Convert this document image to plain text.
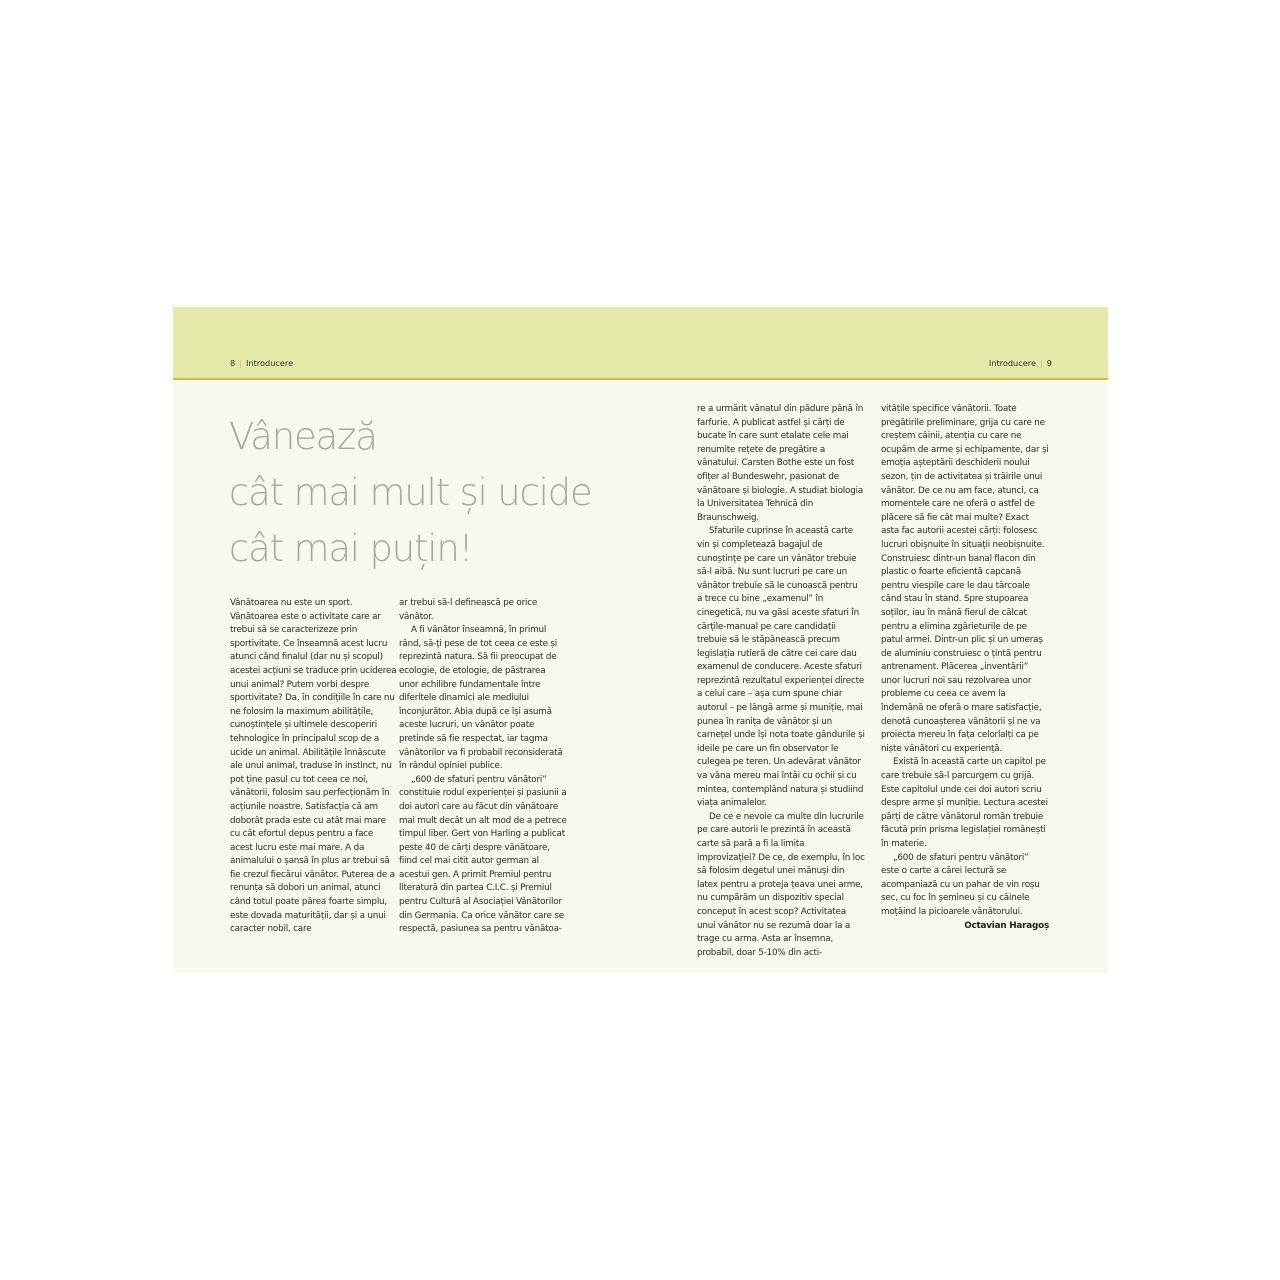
8 | Introducere	Introducere | 9
Vânează
cât mai mult și ucide
cât mai puțin!

Vânătoarea nu este un sport. Vânătoarea este o activitate care ar trebui să se caracterizeze prin sportivitate. Ce înseamnă acest lucru atunci când finalul (dar nu și scopul) acestei acțiuni se traduce prin uciderea unui animal? Putem vorbi despre sportivitate? Da, în condițiile în care nu ne folosim la maximum abilitățile, cunoștințele și ultimele descoperiri tehnologice în principalul scop de a ucide un animal. Abilitățile înnăscute ale unui animal, traduse în instinct, nu pot ține pasul cu tot ceea ce noi, vânătorii, folosim sau perfecționăm în acțiunile noastre. Satisfacția că am doborât prada este cu atât mai mare cu cât efortul depus pentru a face acest lucru este mai mare. A da animalului o șansă în plus ar trebui să fie crezul fiecărui vânător. Puterea de a renunța să dobori un animal, atunci când totul poate părea foarte simplu, este dovada maturității, dar și a unui caracter nobil, care

ar trebui să-l definească pe orice vânător.

A fi vânător înseamnă, în primul rând, să-ți pese de tot ceea ce este și reprezintă natura. Să fii preocupat de ecologie, de etologie, de păstrarea unor echilibre fundamentale între diferitele dinamici ale mediului înconjurător. Abia după ce își asumă aceste lucruri, un vânător poate pretinde să fie respectat, iar tagma vânătorilor va fi probabil reconsiderată în rândul opiniei publice.

„600 de sfaturi pentru vânători” constituie rodul experienței și pasiunii a doi autori care au făcut din vânătoare mai mult decât un alt mod de a petrece timpul liber. Gert von Harling a publicat peste 40 de cărți despre vânătoare, fiind cel mai citit autor german al acestui gen. A primit Premiul pentru literatură din partea C.I.C. și Premiul pentru Cultură al Asociației Vânătorilor din Germania. Ca orice vânător care se respectă, pasiunea sa pentru vânătoa-

re a urmărit vânatul din pădure până în farfurie. A publicat astfel și cărți de bucate în care sunt etalate cele mai renumite rețete de pregătire a vânatului. Carsten Bothe este un fost ofițer al Bundeswehr, pasionat de vânătoare și biologie. A studiat biologia la Universitatea Tehnică din Braunschweig.

Sfaturile cuprinse în această carte vin și completează bagajul de cunoștințe pe care un vânător trebuie să-l aibă. Nu sunt lucruri pe care un vânător trebuie să le cunoască pentru a trece cu bine „examenul” în cinegetică, nu va găsi aceste sfaturi în cărțile-manual pe care candidații trebuie să le stăpânească precum legislația rutieră de către cei care dau examenul de conducere. Aceste sfaturi reprezintă rezultatul experienței directe a celui care – așa cum spune chiar autorul – pe lângă arme și muniție, mai punea în ranița de vânător și un carnețel unde își nota toate gândurile și ideile pe care un fin observator le culegea pe teren. Un adevărat vânător va vâna mereu mai întâi cu ochii și cu mintea, contemplând natura și studiind viața animalelor.

De ce e nevoie ca multe din lucrurile pe care autorii le prezintă în această carte să pară a fi la limita improvizației? De ce, de exemplu, în loc să folosim degetul unei mănuși din latex pentru a proteja țeava unei arme, nu cumpărăm un dispozitiv special conceput în acest scop? Activitatea unui vânător nu se rezumă doar la a trage cu arma. Asta ar însemna, probabil, doar 5-10% din acti-

vitățile specifice vânătorii. Toate pregătirile preliminare, grija cu care ne creștem câinii, atenția cu care ne ocupăm de arme și echipamente, dar și emoția așteptării deschiderii noului sezon, țin de activitatea și trăirile unui vânător. De ce nu am face, atunci, ca momentele care ne oferă o astfel de plăcere să fie cât mai multe? Exact asta fac autorii acestei cărți: folosesc lucruri obișnuite în situații neobișnuite. Construiesc dintr-un banal flacon din plastic o foarte eficientă capcană pentru viespile care le dau târcoale când stau în stand. Spre stupoarea soților, iau în mână fierul de călcat pentru a elimina zgârieturile de pe patul armei. Dintr-un plic și un umeraș de aluminiu construiesc o țintă pentru antrenament. Plăcerea „inventării” unor lucruri noi sau rezolvarea unor probleme cu ceea ce avem la îndemână ne oferă o mare satisfacție, denotă cunoașterea vânătorii și ne va proiecta mereu în fața celorlalți ca pe niște vânători cu experiență.

Există în această carte un capitol pe care trebuie să-l parcurgem cu grijă. Este capitolul unde cei doi autori scriu despre arme și muniție. Lectura acestei părți de către vânătorul român trebuie făcută prin prisma legislației românești în materie.

„600 de sfaturi pentru vânători” este o carte a cărei lectură se acompaniază cu un pahar de vin roșu sec, cu foc în șemineu și cu câinele moțăind la picioarele vânătorului.

Octavian Haragoș
